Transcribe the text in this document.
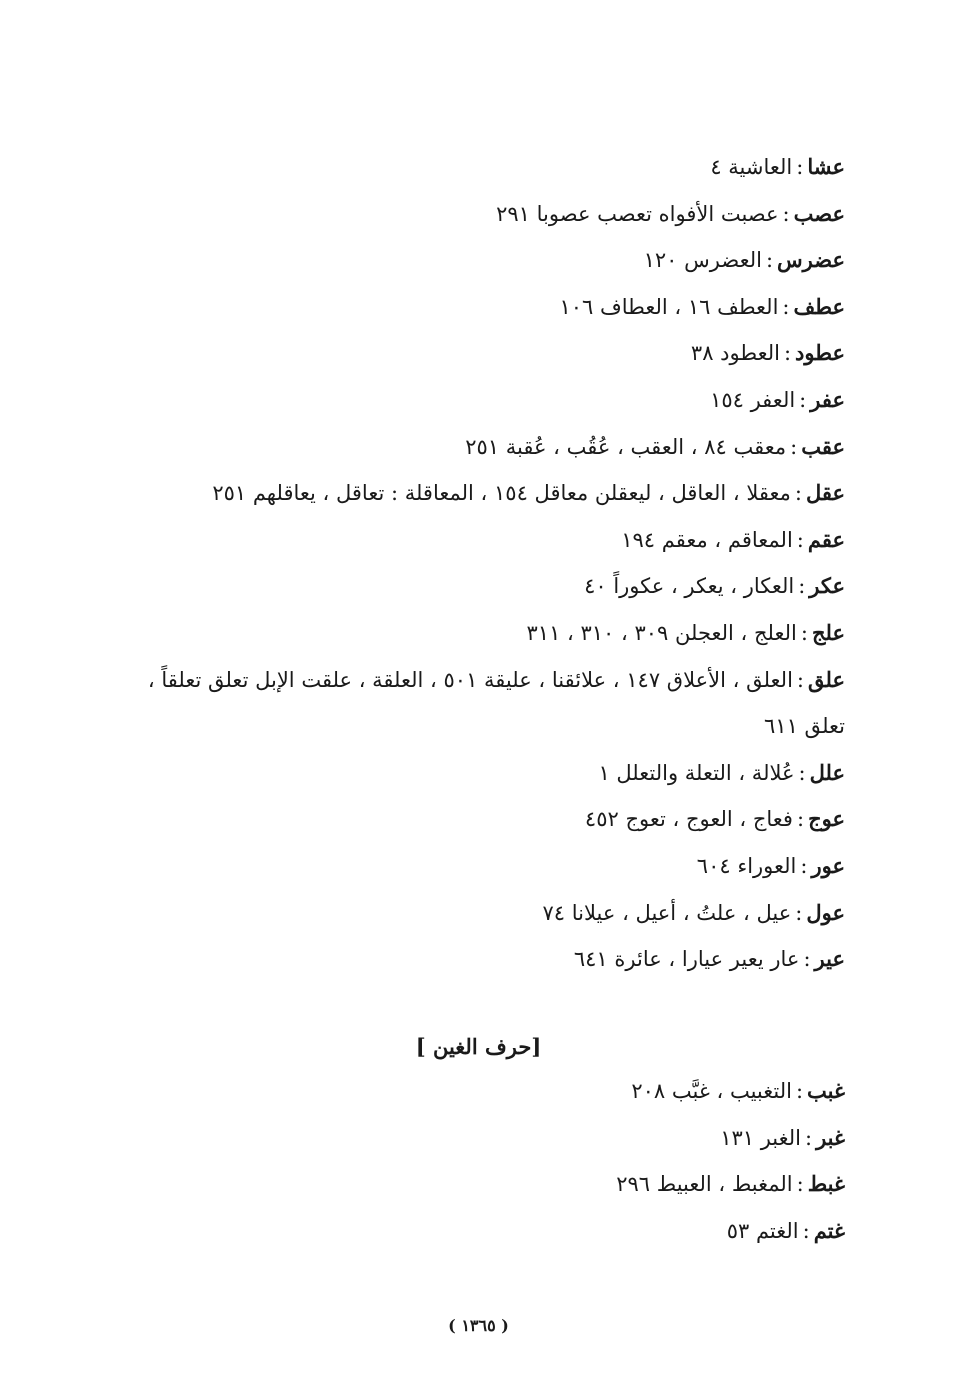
عشا:العاشية ٤
عصب:عصبت الأفواه تعصب عصوبا ٢٩١
عضرس:العضرس ١٢٠
عطف:العطف ١٦ ، العطاف ١٠٦
عطود:العطود ٣٨
عفر:العفر ١٥٤
عقب:معقب ٨٤ ، العقب ، عُقُب ، عُقبة ٢٥١
عقل:معقلا ، العاقل ، ليعقلن معاقل ١٥٤ ، المعاقلة : تعاقل ، يعاقلهم ٢٥١
عقم:المعاقم ، معقم ١٩٤
عكر:العكار ، يعكر ، عكوراً ٤٠
علج:العلج ، العجلن ٣٠٩ ، ٣١٠ ، ٣١١
علق:العلق ، الأعلاق ١٤٧ ، علائقنا ، عليقة ٥٠١ ، العلقة ، علقت الإبل تعلق تعلقاً ، تعلق ٦١١
علل:عُلالة ، التعلة والتعلل ١
عوج:فعاج ، العوج ، تعوج ٤٥٢
عور:العوراء ٦٠٤
عول:عيل ، علتُ ، أعيل ، عيلانا ٧٤
عير:عار يعير عيارا ، عائرة ٦٤١
[حرف الغين ]
غبب:التغبيب ، غبَّب ٢٠٨
غبر:الغبر ١٣١
غبط:المغبط ، العبيط ٢٩٦
غتم:الغتم ٥٣
( ١٣٦٥ )
